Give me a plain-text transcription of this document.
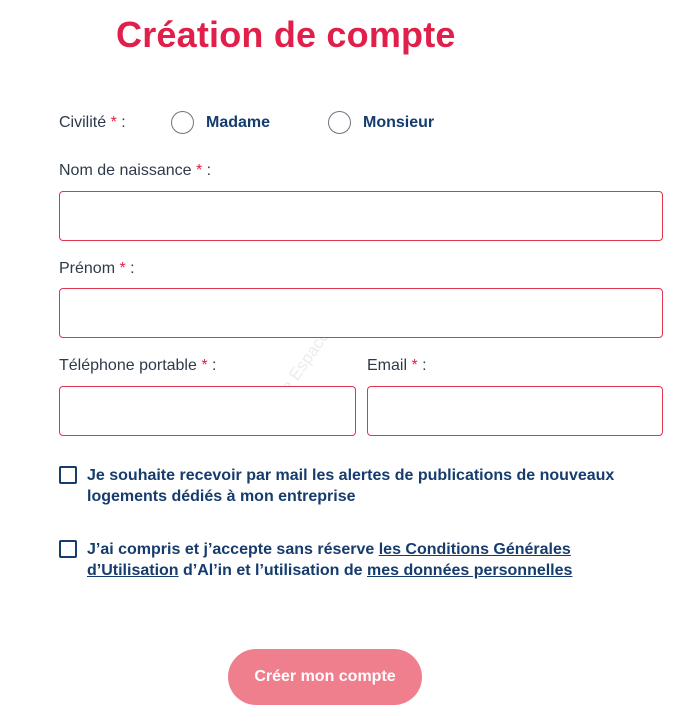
Votre Espace Client
Création de compte
Civilité * :	Madame	Monsieur
Nom de naissance * :
Prénom * :
Téléphone portable * :	Email * :
Je souhaite recevoir par mail les alertes de publications de nouveaux logements dédiés à mon entreprise
J’ai compris et j’accepte sans réserve les Conditions Générales d’Utilisation d’Al’in et l’utilisation de mes données personnelles
Créer mon compte
